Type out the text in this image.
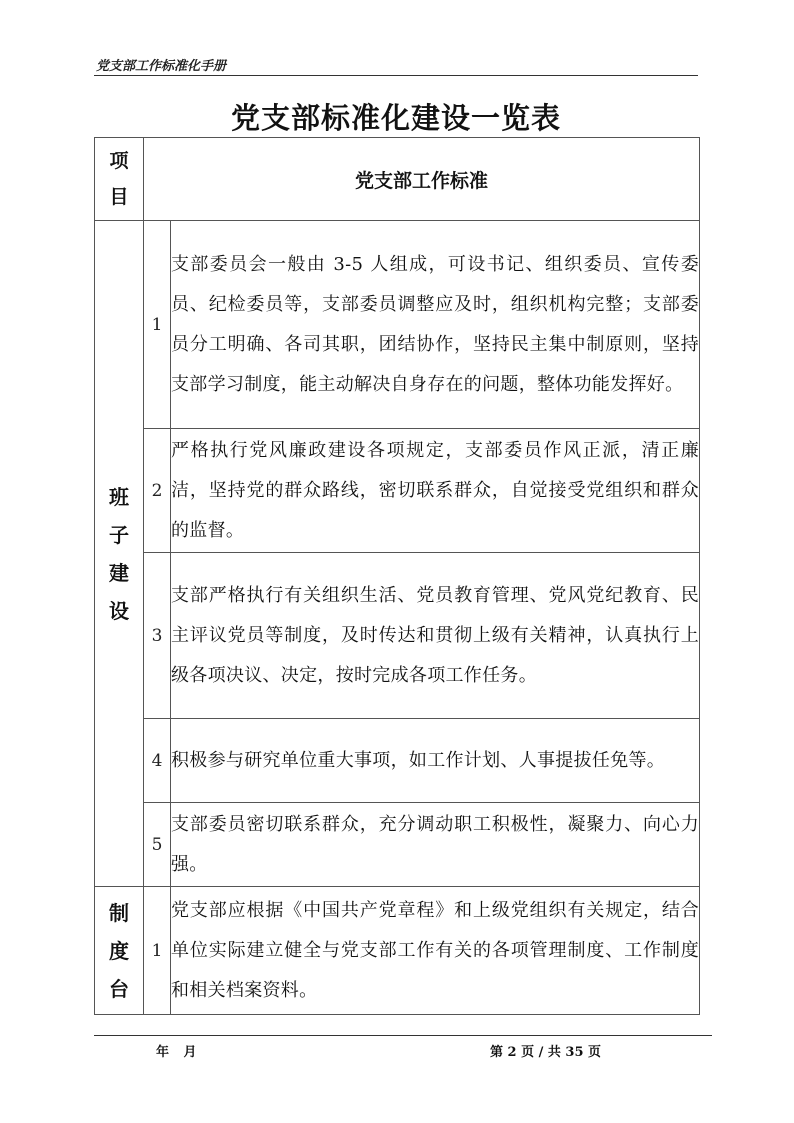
党支部工作标准化手册
党支部标准化建设一览表
项目	党支部工作标准	

班子建设	1	支部委员会一般由 3-5 人组成，可设书记、组织委员、宣传委员、纪检委员等，支部委员调整应及时，组织机构完整；支部委员分工明确、各司其职，团结协作，坚持民主集中制原则，坚持支部学习制度，能主动解决自身存在的问题，整体功能发挥好。
	2	严格执行党风廉政建设各项规定，支部委员作风正派，清正廉洁，坚持党的群众路线，密切联系群众，自觉接受党组织和群众的监督。
	3	支部严格执行有关组织生活、党员教育管理、党风党纪教育、民主评议党员等制度，及时传达和贯彻上级有关精神，认真执行上级各项决议、决定，按时完成各项工作任务。
	4	积极参与研究单位重大事项，如工作计划、人事提拔任免等。
	5	支部委员密切联系群众，充分调动职工积极性，凝聚力、向心力强。

制度台	1	党支部应根据《中国共产党章程》和上级党组织有关规定，结合单位实际建立健全与党支部工作有关的各项管理制度、工作制度和相关档案资料。
年 月	第 2 页 / 共 35 页
